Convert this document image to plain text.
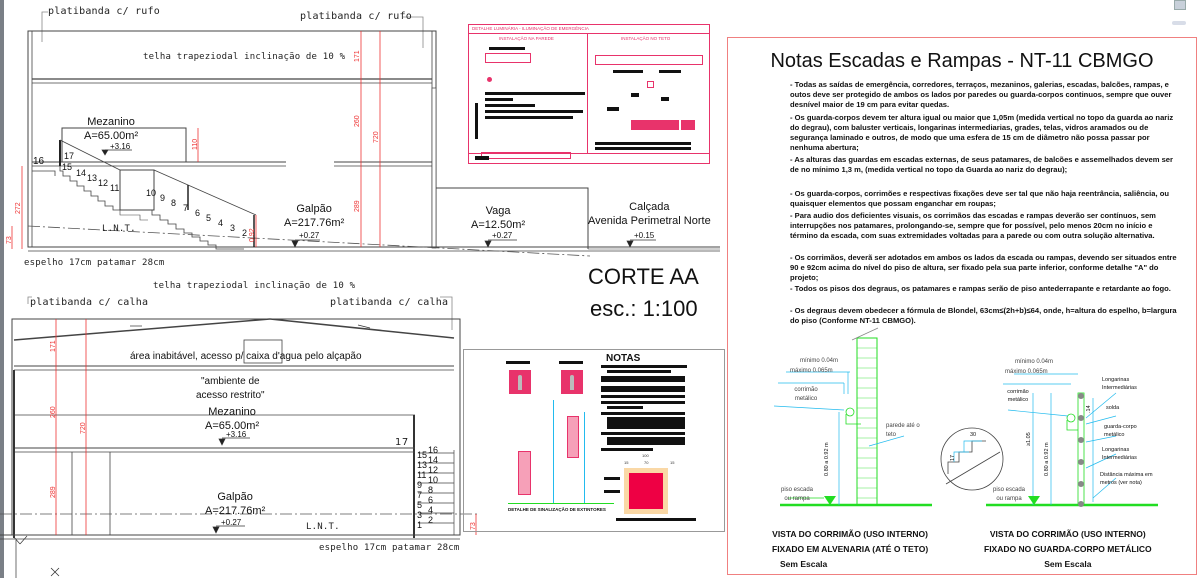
platibanda c/ rufo	platibanda c/ rufo
telha trapeziodal inclinação de 10 %
Mezanino
A=65.00m²
+3.16
Galpão
A=217.76m²
+0.27
Vaga
A=12.50m²
+0.27
Calçada
Avenida Perimetral Norte
+0.15
L.N.T.
espelho 17cm patamar 28cm
16 17
15
14 13 12 11	10 9 8 7 6 5 4 3 2
171
260
720
289
110
272
73	0.92
CORTE AA
esc.: 1:100
DETALHE LUMINÁRIA - ILUMINAÇÃO DE EMERGÊNCIA
INSTALAÇÃO NA PAREDE	INSTALAÇÃO NO TETO
telha trapeziodal inclinação de 10 %
platibanda c/ calha	platibanda c/ calha
área inabitável, acesso p/ caixa d'agua pelo alçapão
"ambiente de
acesso restrito"
Mezanino
A=65.00m²
+3.16
17
Galpão
A=217.76m²
+0.27	L.N.T.
espelho 17cm patamar 28cm
16
14
12
10
8
6
4
2
15
13
11
9
7
5
3
1
171
260
720
289
73
DETALHE DE SINALIZAÇÃO DE EXTINTORES
NOTAS
100
15	70	15
Notas Escadas e Rampas - NT-11 CBMGO
- Todas as saídas de emergência, corredores, terraços, mezaninos, galerias, escadas, balcões, rampas, e outos deve ser protegido de ambos os lados por paredes ou guarda-corpos continuos, sempre que ouver desnível maior de 19 cm para evitar quedas.
- Os guarda-corpos devem ter altura igual ou maior que 1,05m (medida vertical no topo da guarda ao nariz do degrau), com baluster verticais, longarinas intermediarias, grades, telas, vidros aramados ou de segurança laminado e outros, de modo que uma esfera de 15 cm de diâmetro não possa passar por nenhuma abertura;
- As alturas das guardas em escadas externas, de seus patamares, de balcões e assemelhados devem ser de no mínimo 1,3 m, (medida vertical no topo da Guarda ao nariz do degrau);
- Os guarda-corpos, corrimões e respectivas fixações deve ser tal que não haja reentrância, saliência, ou quaisquer elementos que possam enganchar em roupas;
- Para audio dos deficientes visuais, os corrimãos das escadas e rampas deverão ser contínuos, sem interrupções nos patamares, prolongando-se, sempre que for possível, pelo menos 20cm no início e término da escada, com suas extremidades voltadas para a parede ou com outra solução alternativa.
- Os corrimãos, deverã ser adotados em ambos os lados da escada ou rampas, devendo ser situados entre 90 e 92cm acima do nível do piso de altura, ser fixado pela sua parte inferior, conforme detalhe "A" do projeto;
- Todos os pisos dos degraus, os patamares e rampas serão de piso antederrapante e retardante ao fogo.
- Os degraus devem obedecer a fórmula de Blondel, 63cm≤(2h+b)≤64, onde, h=altura do espelho, b=largura do piso (Conforme NT-11 CBMGO).
mínimo 0.04m
máximo 0.065m
corrimão metálico
parede até o teto
0.80 a 0.92 m
piso escada ou rampa
VISTA DO CORRIMÃO (USO INTERNO)
FIXADO EM ALVENARIA (ATÉ O TETO)
Sem Escala
17
30
mínimo 0.04m
máximo 0.065m
corrimão metálico
Longarinas Intermediárias
solda
guarda-corpo metálico
Longarinas Intermediárias
Distância máxima em metros (ver nota)
≥1.05
0.80 a 0.92 m
.14
piso escada ou rampa
VISTA DO CORRIMÃO (USO INTERNO)
FIXADO NO GUARDA-CORPO METÁLICO
Sem Escala
